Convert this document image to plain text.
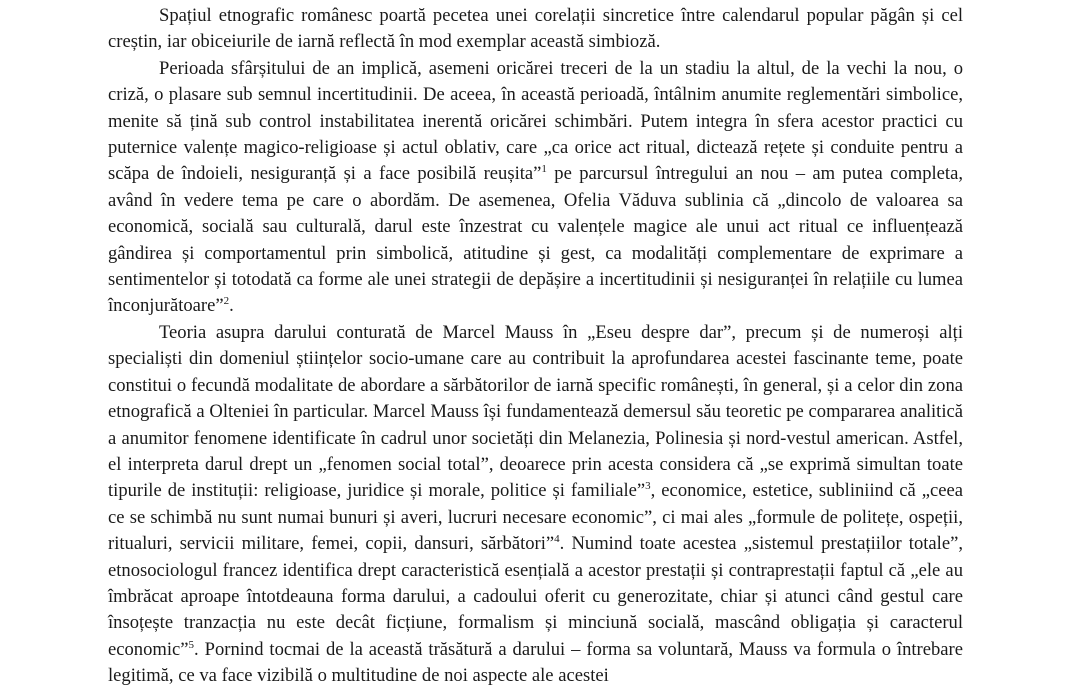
Spațiul etnografic românesc poartă pecetea unei corelații sincretice între calendarul popular păgân și cel creștin, iar obiceiurile de iarnă reflectă în mod exemplar această simbioză.

Perioada sfârșitului de an implică, asemeni oricărei treceri de la un stadiu la altul, de la vechi la nou, o criză, o plasare sub semnul incertitudinii. De aceea, în această perioadă, întâlnim anumite reglementări simbolice, menite să țină sub control instabilitatea inerentă oricărei schimbări. Putem integra în sfera acestor practici cu puternice valențe magico-religioase și actul oblativ, care „ca orice act ritual, dictează rețete și conduite pentru a scăpa de îndoieli, nesiguranță și a face posibilă reușita”$^1$ pe parcursul întregului an nou – am putea completa, având în vedere tema pe care o abordăm. De asemenea, Ofelia Văduva sublinia că „dincolo de valoarea sa economică, socială sau culturală, darul este înzestrat cu valențele magice ale unui act ritual ce influențează gândirea și comportamentul prin simbolică, atitudine și gest, ca modalități complementare de exprimare a sentimentelor și totodată ca forme ale unei strategii de depășire a incertitudinii și nesiguranței în relațiile cu lumea înconjurătoare”$^2$.

Teoria asupra darului conturată de Marcel Mauss în „Eseu despre dar”, precum și de numeroși alți specialiști din domeniul științelor socio-umane care au contribuit la aprofundarea acestei fascinante teme, poate constitui o fecundă modalitate de abordare a sărbătorilor de iarnă specific românești, în general, și a celor din zona etnografică a Olteniei în particular. Marcel Mauss își fundamentează demersul său teoretic pe compararea analitică a anumitor fenomene identificate în cadrul unor societăți din Melanezia, Polinesia și nord-vestul american. Astfel, el interpreta darul drept un „fenomen social total”, deoarece prin acesta considera că „se exprimă simultan toate tipurile de instituții: religioase, juridice și morale, politice și familiale”$^3$, economice, estetice, subliniind că „ceea ce se schimbă nu sunt numai bunuri și averi, lucruri necesare economic”, ci mai ales „formule de politețe, ospeții, ritualuri, servicii militare, femei, copii, dansuri, sărbători”$^4$. Numind toate acestea „sistemul prestațiilor totale”, etnosociologul francez identifica drept caracteristică esențială a acestor prestații și contraprestații faptul că „ele au îmbrăcat aproape întotdeauna forma darului, a cadoului oferit cu generozitate, chiar și atunci când gestul care însoțește tranzacția nu este decât ficțiune, formalism și minciună socială, mascând obligația și caracterul economic”$^5$. Pornind tocmai de la această trăsătură a darului – forma sa voluntară, Mauss va formula o întrebare legitimă, ce va face vizibilă o multitudine de noi aspecte ale acestei
